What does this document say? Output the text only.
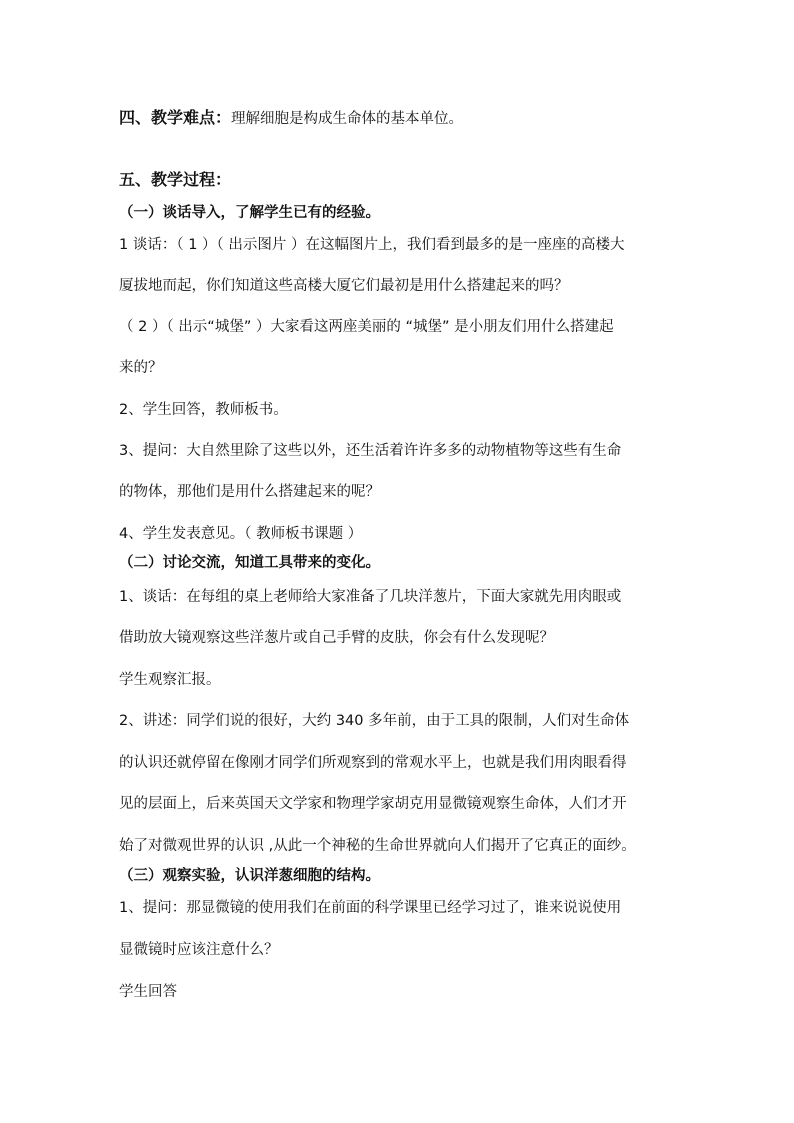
四、教学难点：理解细胞是构成生命体的基本单位。
五、教学过程：
（一）谈话导入，了解学生已有的经验。
1 谈话：（ 1 ）（ 出示图片 ）在这幅图片上，我们看到最多的是一座座的高楼大
厦拔地而起，你们知道这些高楼大厦它们最初是用什么搭建起来的吗？
（ 2 ）（ 出示“城堡” ）大家看这两座美丽的 “城堡” 是小朋友们用什么搭建起
来的？
2、学生回答，教师板书。
3、提问：大自然里除了这些以外，还生活着许许多多的动物植物等这些有生命
的物体，那他们是用什么搭建起来的呢？
4、学生发表意见。（ 教师板书课题 ）
（二）讨论交流，知道工具带来的变化。
1、谈话：在每组的桌上老师给大家准备了几块洋葱片，下面大家就先用肉眼或
借助放大镜观察这些洋葱片或自己手臂的皮肤，你会有什么发现呢？
学生观察汇报。
2、讲述：同学们说的很好，大约 340 多年前，由于工具的限制，人们对生命体
的认识还就停留在像刚才同学们所观察到的常观水平上，也就是我们用肉眼看得
见的层面上，后来英国天文学家和物理学家胡克用显微镜观察生命体，人们才开
始了对微观世界的认识 ,从此一个神秘的生命世界就向人们揭开了它真正的面纱。
（三）观察实验，认识洋葱细胞的结构。
1、提问：那显微镜的使用我们在前面的科学课里已经学习过了，谁来说说使用
显微镜时应该注意什么？
学生回答
